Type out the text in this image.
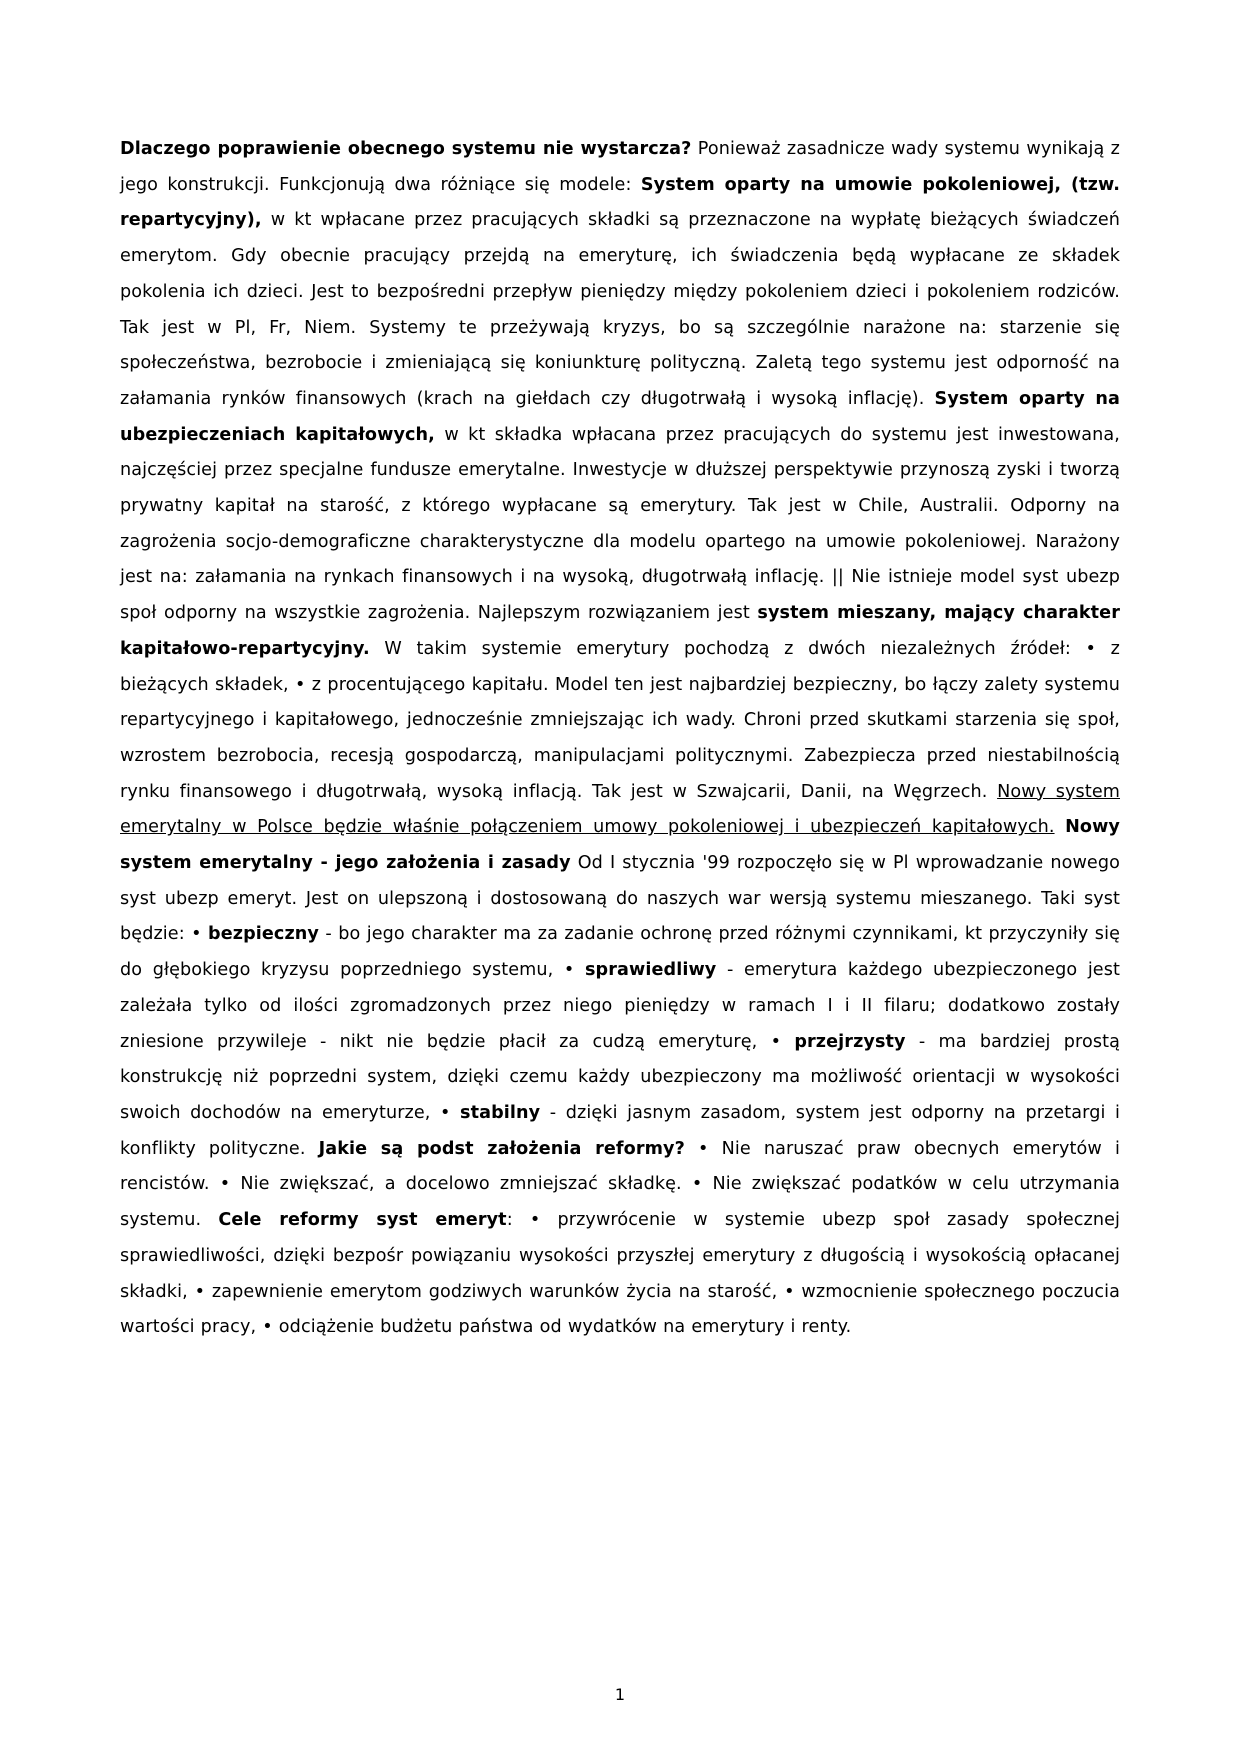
Dlaczego poprawienie obecnego systemu nie wystarcza? Ponieważ zasadnicze wady systemu wynikają z jego konstrukcji. Funkcjonują dwa różniące się modele: System oparty na umowie pokoleniowej, (tzw. repartycyjny), w kt wpłacane przez pracujących składki są przeznaczone na wypłatę bieżących świadczeń emerytom. Gdy obecnie pracujący przejdą na emeryturę, ich świadczenia będą wypłacane ze składek pokolenia ich dzieci. Jest to bezpośredni przepływ pieniędzy między pokoleniem dzieci i pokoleniem rodziców. Tak jest w Pl, Fr, Niem. Systemy te przeżywają kryzys, bo są szczególnie narażone na: starzenie się społeczeństwa, bezrobocie i zmieniającą się koniunkturę polityczną. Zaletą tego systemu jest odporność na załamania rynków finansowych (krach na giełdach czy długotrwałą i wysoką inflację). System oparty na ubezpieczeniach kapitałowych, w kt składka wpłacana przez pracujących do systemu jest inwestowana, najczęściej przez specjalne fundusze emerytalne. Inwestycje w dłuższej perspektywie przynoszą zyski i tworzą prywatny kapitał na starość, z którego wypłacane są emerytury. Tak jest w Chile, Australii. Odporny na zagrożenia socjo-demograficzne charakterystyczne dla modelu opartego na umowie pokoleniowej. Narażony jest na: załamania na rynkach finansowych i na wysoką, długotrwałą inflację. || Nie istnieje model syst ubezp społ odporny na wszystkie zagrożenia. Najlepszym rozwiązaniem jest system mieszany, mający charakter kapitałowo-repartycyjny. W takim systemie emerytury pochodzą z dwóch niezależnych źródeł: • z bieżących składek, • z procentującego kapitału. Model ten jest najbardziej bezpieczny, bo łączy zalety systemu repartycyjnego i kapitałowego, jednocześnie zmniejszając ich wady. Chroni przed skutkami starzenia się społ, wzrostem bezrobocia, recesją gospodarczą, manipulacjami politycznymi. Zabezpiecza przed niestabilnością rynku finansowego i długotrwałą, wysoką inflacją. Tak jest w Szwajcarii, Danii, na Węgrzech. Nowy system emerytalny w Polsce będzie właśnie połączeniem umowy pokoleniowej i ubezpieczeń kapitałowych. Nowy system emerytalny - jego założenia i zasady Od I stycznia '99 rozpoczęło się w Pl wprowadzanie nowego syst ubezp emeryt. Jest on ulepszoną i dostosowaną do naszych war wersją systemu mieszanego. Taki syst będzie: • bezpieczny - bo jego charakter ma za zadanie ochronę przed różnymi czynnikami, kt przyczyniły się do głębokiego kryzysu poprzedniego systemu, • sprawiedliwy - emerytura każdego ubezpieczonego jest zależała tylko od ilości zgromadzonych przez niego pieniędzy w ramach I i II filaru; dodatkowo zostały zniesione przywileje - nikt nie będzie płacił za cudzą emeryturę, • przejrzysty - ma bardziej prostą konstrukcję niż poprzedni system, dzięki czemu każdy ubezpieczony ma możliwość orientacji w wysokości swoich dochodów na emeryturze, • stabilny - dzięki jasnym zasadom, system jest odporny na przetargi i konflikty polityczne. Jakie są podst założenia reformy? • Nie naruszać praw obecnych emerytów i rencistów. • Nie zwiększać, a docelowo zmniejszać składkę. • Nie zwiększać podatków w celu utrzymania systemu. Cele reformy syst emeryt: • przywrócenie w systemie ubezp społ zasady społecznej sprawiedliwości, dzięki bezpośr powiązaniu wysokości przyszłej emerytury z długością i wysokością opłacanej składki, • zapewnienie emerytom godziwych warunków życia na starość, • wzmocnienie społecznego poczucia wartości pracy, • odciążenie budżetu państwa od wydatków na emerytury i renty.
1
